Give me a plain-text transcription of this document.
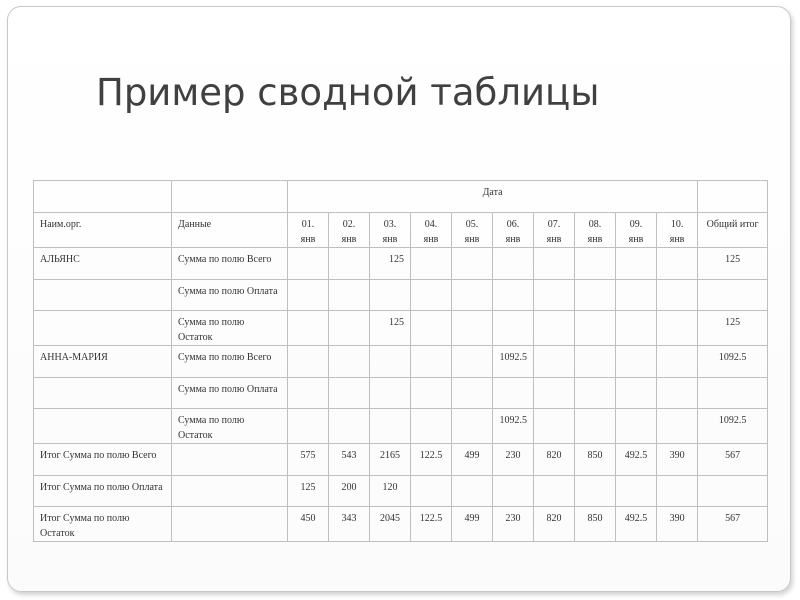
Пример сводной таблицы
		Дата										
Наим.орг.	Данные	01. янв	02. янв	03. янв	04. янв	05. янв	06. янв	07. янв	08. янв	09. янв	10. янв	Общий итог
АЛЬЯНС	Сумма по полю Всего			125								125
	Сумма по полю Оплата											
	Сумма по полю Остаток			125								125
АННА-МАРИЯ	Сумма по полю Всего						1092.5					1092.5
	Сумма по полю Оплата											
	Сумма по полю Остаток						1092.5					1092.5
Итог Сумма по полю Всего		575	543	2165	122.5	499	230	820	850	492.5	390	567
Итог Сумма по полю Оплата		125	200	120								
Итог Сумма по полю Остаток		450	343	2045	122.5	499	230	820	850	492.5	390	567
